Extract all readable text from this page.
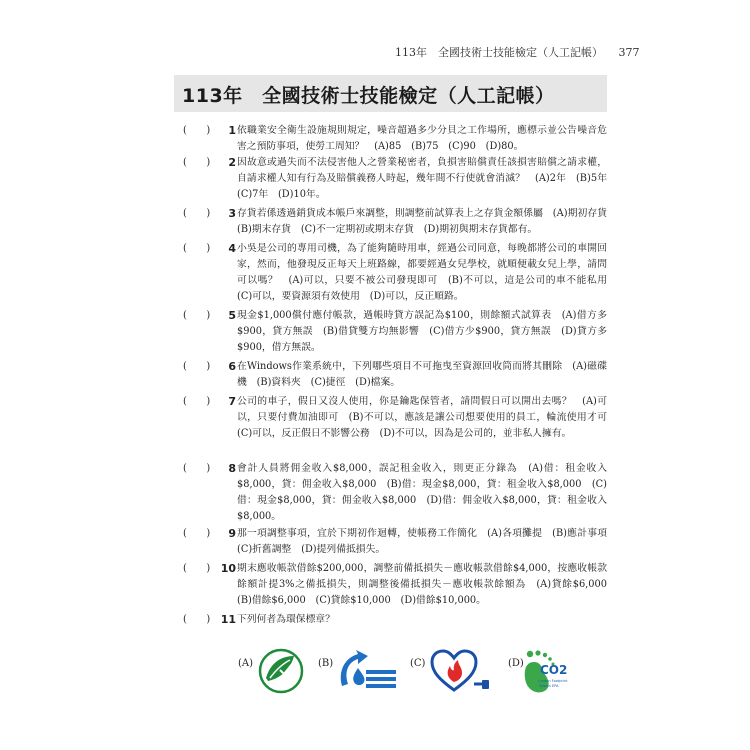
113年　全國技術士技能檢定（人工記帳） 377
113年　全國技術士技能檢定（人工記帳）
(　　)	1 依職業安全衛生設施規則規定，噪音超過多少分貝之工作場所，應標示並公告噪音危害之預防事項，使勞工周知？　(A)85　(B)75　(C)90　(D)80。
(　　)	2 因故意或過失而不法侵害他人之營業秘密者，負損害賠償責任該損害賠償之請求權，自請求權人知有行為及賠償義務人時起，幾年間不行使就會消滅？　(A)2年　(B)5年　(C)7年　(D)10年。
(　　)	3 存貨若係透過銷貨成本帳戶來調整，則調整前試算表上之存貨金額係屬　(A)期初存貨　(B)期末存貨　(C)不一定期初或期末存貨　(D)期初與期末存貨都有。
(　　)	4 小吳是公司的專用司機，為了能夠隨時用車，經過公司同意，每晚都將公司的車開回家，然而，他發現反正每天上班路線，都要經過女兒學校，就順便載女兒上學，請問可以嗎？　(A)可以，只要不被公司發現即可　(B)不可以，這是公司的車不能私用　(C)可以，要資源須有效使用　(D)可以，反正順路。
(　　)	5 現金$1,000償付應付帳款，過帳時貸方誤記為$100，則餘額式試算表　(A)借方多$900，貸方無誤　(B)借貸雙方均無影響　(C)借方少$900，貸方無誤　(D)貸方多$900，借方無誤。
(　　)	6 在Windows作業系統中，下列哪些項目不可拖曳至資源回收筒而將其刪除　(A)磁碟機　(B)資料夾　(C)捷徑　(D)檔案。
(　　)	7 公司的車子，假日又沒人使用，你是鑰匙保管者，請問假日可以開出去嗎？　(A)可以，只要付費加油即可　(B)不可以，應該是讓公司想要使用的員工，輪流使用才可　(C)可以，反正假日不影響公務　(D)不可以，因為是公司的，並非私人擁有。
(　　)	8 會計人員將佣金收入$8,000，誤記租金收入，則更正分錄為　(A)借：租金收入$8,000，貸：佣金收入$8,000　(B)借：現金$8,000，貸：租金收入$8,000　(C)借：現金$8,000，貸：佣金收入$8,000　(D)借：佣金收入$8,000，貸：租金收入$8,000。
(　　)	9 那一項調整事項，宜於下期初作迴轉，使帳務工作簡化　(A)各項攤提　(B)應計事項　(C)折舊調整　(D)提列備抵損失。
(　　) 10 期末應收帳款借餘$200,000，調整前備抵損失－應收帳款借餘$4,000，按應收帳款餘額計提3%之備抵損失，則調整後備抵損失－應收帳款餘額為　(A)貸餘$6,000　(B)借餘$6,000　(C)貸餘$10,000　(D)借餘$10,000。
(　　) 11 下列何者為環保標章？
(A)	(B)	(C)	(D) CO2
Carbon Footprint
Taiwan EPA
